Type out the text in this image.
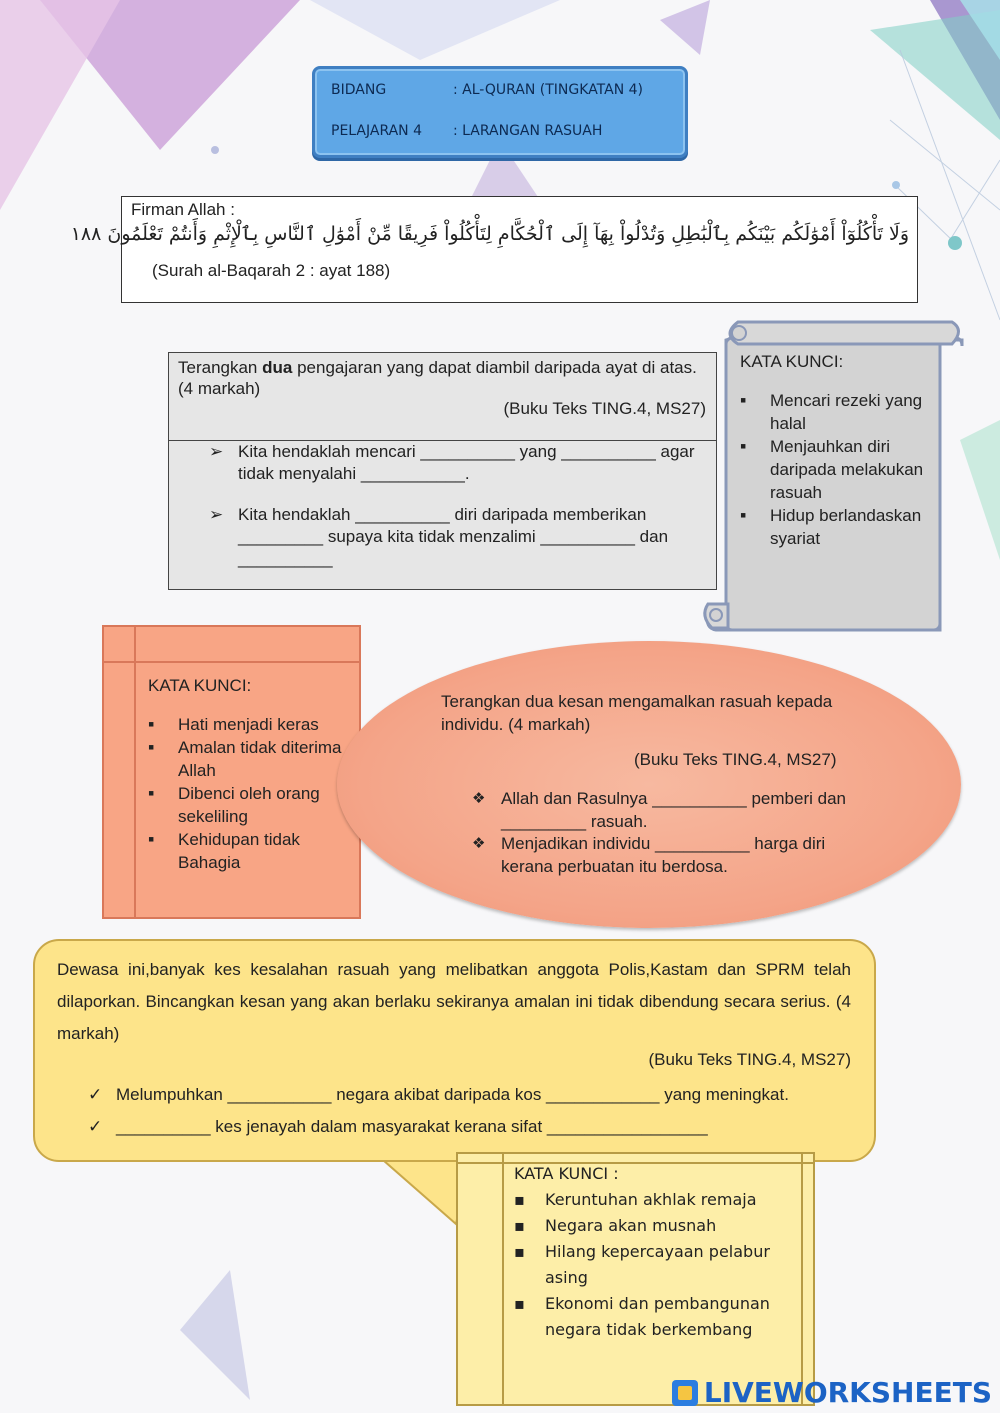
BIDANG	: AL-QURAN (TINGKATAN 4)
PELAJARAN 4	: LARANGAN RASUAH
Firman Allah :
وَلَا تَأْكُلُوٓاْ أَمْوَٰلَكُم بَيْنَكُم بِٱلْبَٰطِلِ وَتُدْلُواْ بِهَآ إِلَى ٱلْحُكَّامِ لِتَأْكُلُواْ فَرِيقًا مِّنْ أَمْوَٰلِ ٱلنَّاسِ بِٱلْإِثْمِ وَأَنتُمْ تَعْلَمُونَ ١٨٨
(Surah al-Baqarah 2 : ayat 188)
Terangkan dua pengajaran yang dapat diambil daripada ayat di atas.(4 markah)
(Buku Teks TING.4, MS27)
➢ Kita hendaklah mencari __________ yang __________ agar tidak menyalahi ___________.
➢ Kita hendaklah __________ diri daripada memberikan _________ supaya kita tidak menzalimi __________ dan __________
KATA KUNCI:
▪ Mencari rezeki yang halal
▪ Menjauhkan diri daripada melakukan rasuah
▪ Hidup berlandaskan syariat
KATA KUNCI:
▪ Hati menjadi keras
▪ Amalan tidak diterima Allah
▪ Dibenci oleh orang sekeliling
▪ Kehidupan tidak Bahagia
Terangkan dua kesan mengamalkan rasuah kepada individu. (4 markah)
(Buku Teks TING.4, MS27)
❖ Allah dan Rasulnya __________ pemberi dan _________ rasuah.
❖ Menjadikan individu __________ harga diri kerana perbuatan itu berdosa.
Dewasa ini,banyak kes kesalahan rasuah yang melibatkan anggota Polis,Kastam dan SPRM telah dilaporkan. Bincangkan kesan yang akan berlaku sekiranya amalan ini tidak dibendung secara serius. (4 markah)
(Buku Teks TING.4, MS27)
✓ Melumpuhkan ___________ negara akibat daripada kos ____________ yang meningkat.
✓ __________ kes jenayah dalam masyarakat kerana sifat _________________
KATA KUNCI :
▪ Keruntuhan akhlak remaja
▪ Negara akan musnah
▪ Hilang kepercayaan pelabur asing
▪ Ekonomi dan pembangunan negara tidak berkembang
LIVEWORKSHEETS
